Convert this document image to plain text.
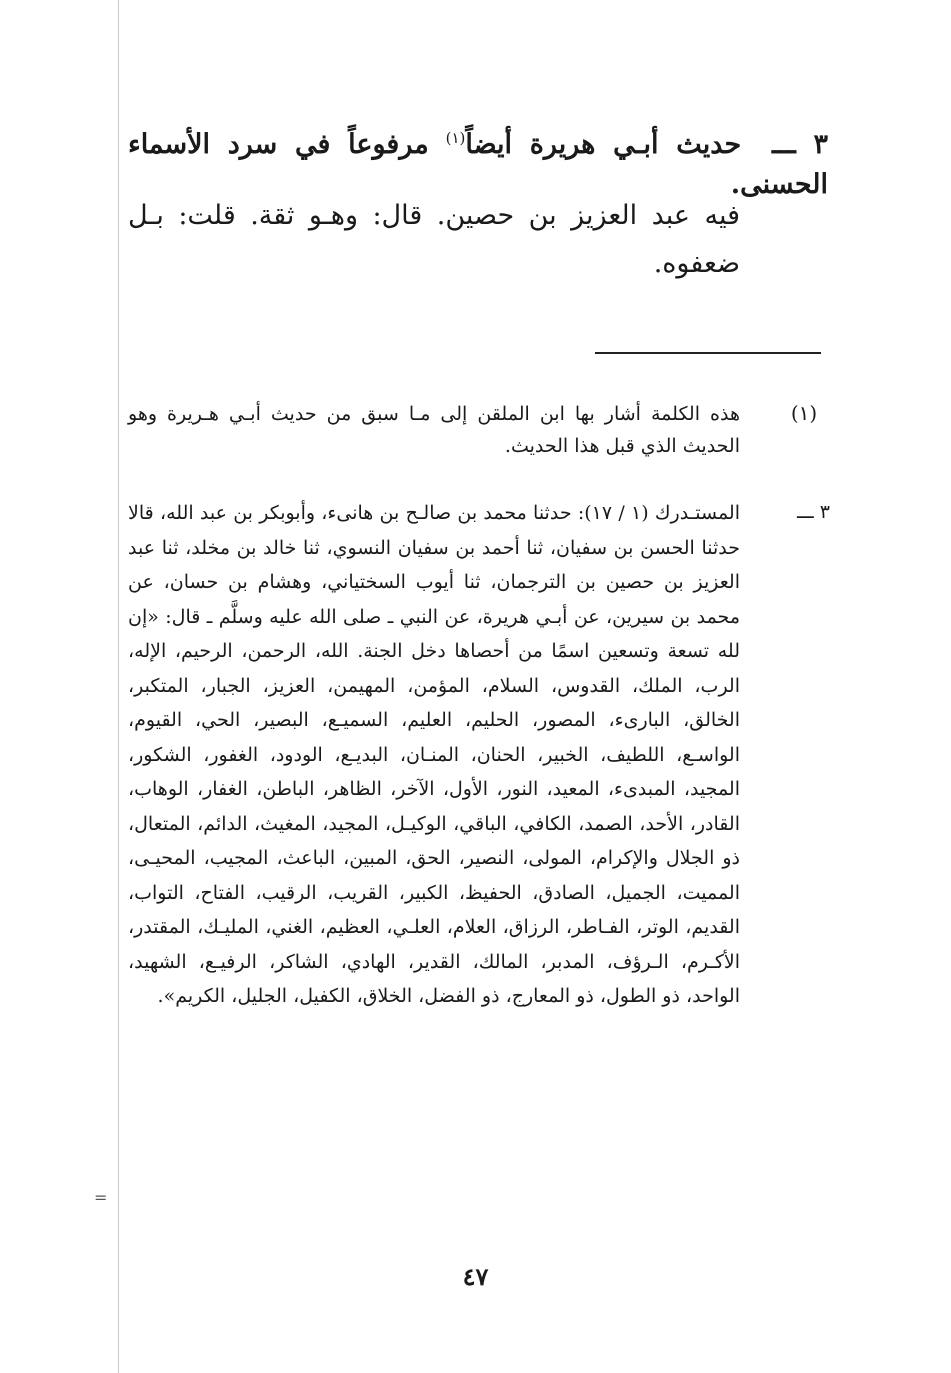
=
٣ ـــ حديث أبـي هريرة أيضاً$^{(١)}$ مرفوعاً في سرد الأسماء الحسنى.
فيه عبد العزيز بن حصين. قال: وهـو ثقة. قلت: بـل ضعفوه.
(١)
هذه الكلمة أشار بها ابن الملقن إلى مـا سبق من حديث أبـي هـريرة وهو الحديث الذي قبل هذا الحديث.
٣ ـــ
المستـدرك (١ / ١٧): حدثنا محمد بن صالـح بن هانىء، وأبوبكر بن عبد الله، قالا حدثنا الحسن بن سفيان، ثنا أحمد بن سفيان النسوي، ثنا خالد بن مخلد، ثنا عبد العزيز بن حصين بن الترجمان، ثنا أيوب السختياني، وهشام بن حسان، عن محمد بن سيرين، عن أبـي هريرة، عن النبي ـ صلى الله عليه وسلَّم ـ قال: «إن لله تسعة وتسعين اسمًا من أحصاها دخل الجنة. الله، الرحمن، الرحيم، الإله، الرب، الملك، القدوس، السلام، المؤمن، المهيمن، العزيز، الجبار، المتكبر، الخالق، البارىء، المصور، الحليم، العليم، السميـع، البصير، الحي، القيوم، الواسـع، اللطيف، الخبير، الحنان، المنـان، البديـع، الودود، الغفور، الشكور، المجيد، المبدىء، المعيد، النور، الأول، الآخر، الظاهر، الباطن، الغفار، الوهاب، القادر، الأحد، الصمد، الكافي، الباقي، الوكيـل، المجيد، المغيث، الدائم، المتعال، ذو الجلال والإكرام، المولى، النصير، الحق، المبين، الباعث، المجيب، المحيـى، المميت، الجميل، الصادق، الحفيظ، الكبير، القريب، الرقيب، الفتاح، التواب، القديم، الوتر، الفـاطر، الرزاق، العلام، العلـي، العظيم، الغني، المليـك، المقتدر، الأكـرم، الـرؤف، المدبر، المالك، القدير، الهادي، الشاكر، الرفيـع، الشهيد، الواحد، ذو الطول، ذو المعارج، ذو الفضل، الخلاق، الكفيل، الجليل، الكريم».
٤٧
